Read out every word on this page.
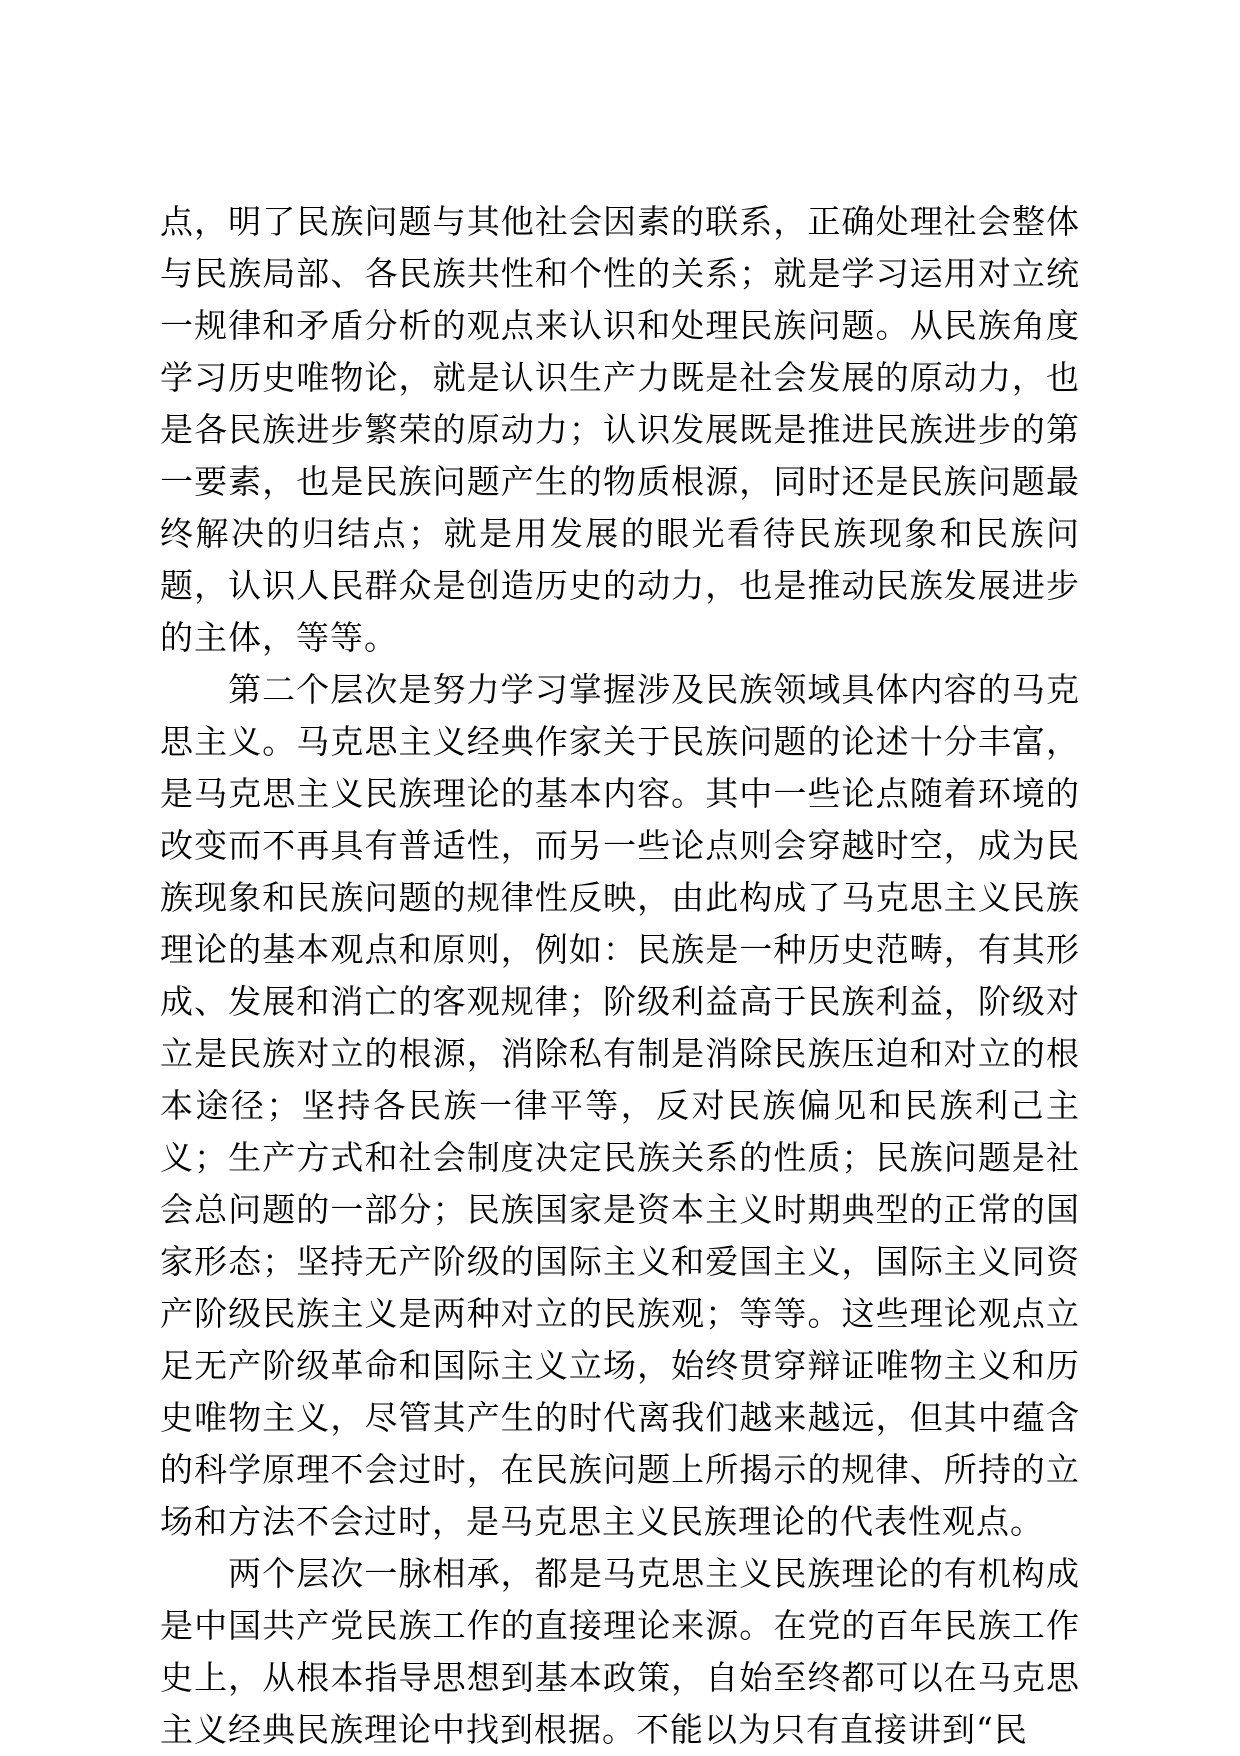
点，明了民族问题与其他社会因素的联系，正确处理社会整体与民族局部、各民族共性和个性的关系；就是学习运用对立统一规律和矛盾分析的观点来认识和处理民族问题。从民族角度学习历史唯物论，就是认识生产力既是社会发展的原动力，也是各民族进步繁荣的原动力；认识发展既是推进民族进步的第一要素，也是民族问题产生的物质根源，同时还是民族问题最终解决的归结点；就是用发展的眼光看待民族现象和民族问题，认识人民群众是创造历史的动力，也是推动民族发展进步的主体，等等。

第二个层次是努力学习掌握涉及民族领域具体内容的马克思主义。马克思主义经典作家关于民族问题的论述十分丰富，是马克思主义民族理论的基本内容。其中一些论点随着环境的改变而不再具有普适性，而另一些论点则会穿越时空，成为民族现象和民族问题的规律性反映，由此构成了马克思主义民族理论的基本观点和原则，例如：民族是一种历史范畴，有其形成、发展和消亡的客观规律；阶级利益高于民族利益，阶级对立是民族对立的根源，消除私有制是消除民族压迫和对立的根本途径；坚持各民族一律平等，反对民族偏见和民族利己主义；生产方式和社会制度决定民族关系的性质；民族问题是社会总问题的一部分；民族国家是资本主义时期典型的正常的国家形态；坚持无产阶级的国际主义和爱国主义，国际主义同资产阶级民族主义是两种对立的民族观；等等。这些理论观点立足无产阶级革命和国际主义立场，始终贯穿辩证唯物主义和历史唯物主义，尽管其产生的时代离我们越来越远，但其中蕴含的科学原理不会过时，在民族问题上所揭示的规律、所持的立场和方法不会过时，是马克思主义民族理论的代表性观点。

两个层次一脉相承，都是马克思主义民族理论的有机构成是中国共产党民族工作的直接理论来源。在党的百年民族工作史上，从根本指导思想到基本政策，自始至终都可以在马克思主义经典民族理论中找到根据。不能以为只有直接讲到“民
